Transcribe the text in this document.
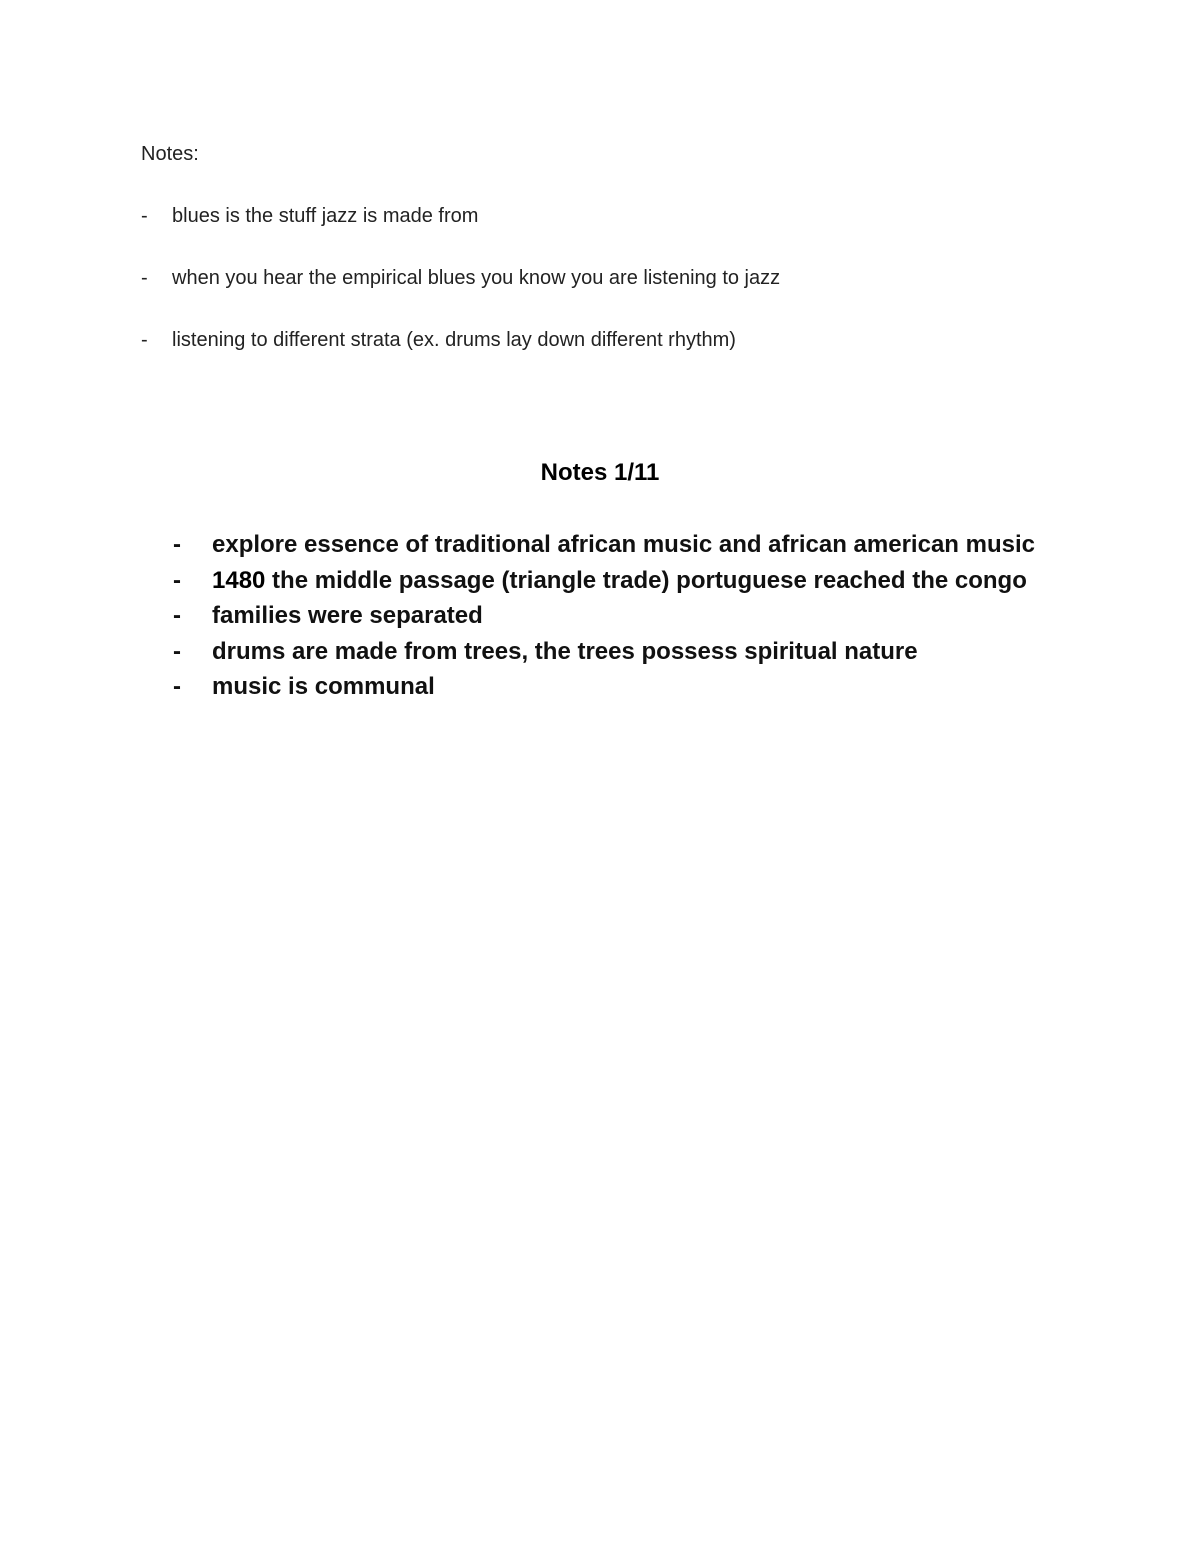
Notes:

- blues is the stuff jazz is made from
- when you hear the empirical blues you know you are listening to jazz
- listening to different strata (ex. drums lay down different rhythm)
Notes 1/11
- explore essence of traditional african music and african american music
- 1480 the middle passage (triangle trade) portuguese reached the congo
- families were separated
- drums are made from trees, the trees possess spiritual nature
- music is communal
